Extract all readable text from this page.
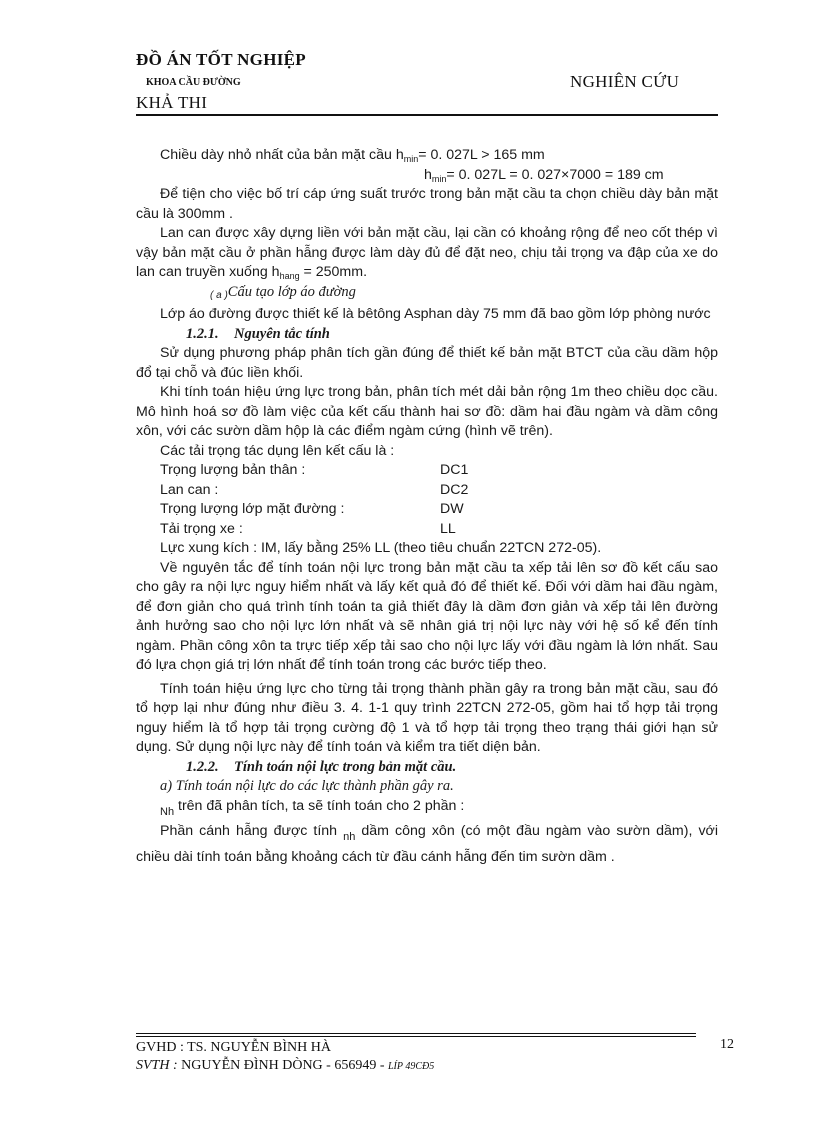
ĐỒ ÁN TỐT NGHIỆP
KHOA CẦU ĐƯỜNG	NGHIÊN CỨU
KHẢ THI

Chiều dày nhỏ nhất của bản mặt cầu $h_{min}= 0$. 027L > 165 mm

$h_{min}= 0$. 027L = 0. 027×7000 = 189 cm

Để tiện cho việc bố trí cáp ứng suất trước trong bản mặt cầu ta chọn chiều dày bản mặt cầu là 300mm .

Lan can được xây dựng liền với bản mặt cầu, lại cần có khoảng rộng để neo cốt thép vì vậy bản mặt cầu ở phần hẫng được làm dày đủ để đặt neo, chịu tải trọng va đập của xe do lan can truyền xuống $h_{hang} = 250mm$.

( a )Cấu tạo lớp áo đường

Lớp áo đường được thiết kế là bêtông Asphan dày 75 mm đã bao gồm lớp phòng nước

1.2.1. Nguyên tắc tính

Sử dụng phương pháp phân tích gần đúng để thiết kế bản mặt BTCT của cầu dầm hộp đổ tại chỗ và đúc liền khối.

Khi tính toán hiệu ứng lực trong bản, phân tích mét dải bản rộng 1m theo chiều dọc cầu. Mô hình hoá sơ đồ làm việc của kết cấu thành hai sơ đồ: dầm hai đầu ngàm và dầm công xôn, với các sườn dầm hộp là các điểm ngàm cứng (hình vẽ trên).

Các tải trọng tác dụng lên kết cấu là :

Trọng lượng bản thân :	DC1
Lan can :	DC2
Trọng lượng lớp mặt đường :	DW
Tải trọng xe :	LL

Lực xung kích : IM, lấy bằng 25% LL (theo tiêu chuẩn 22TCN 272-05).

Về nguyên tắc để tính toán nội lực trong bản mặt cầu ta xếp tải lên sơ đồ kết cấu sao cho gây ra nội lực nguy hiểm nhất và lấy kết quả đó để thiết kế. Đối với dầm hai đầu ngàm, để đơn giản cho quá trình tính toán ta giả thiết đây là dầm đơn giản và xếp tải lên đường ảnh hưởng sao cho nội lực lớn nhất và sẽ nhân giá trị nội lực này với hệ số kể đến tính ngàm. Phần công xôn ta trực tiếp xếp tải sao cho nội lực lấy với đầu ngàm là lớn nhất. Sau đó lựa chọn giá trị lớn nhất để tính toán trong các bước tiếp theo.

Tính toán hiệu ứng lực cho từng tải trọng thành phần gây ra trong bản mặt cầu, sau đó tổ hợp lại như đúng như điều 3. 4. 1-1 quy trình 22TCN 272-05, gồm hai tổ hợp tải trọng nguy hiểm là tổ hợp tải trọng cường độ 1 và tổ hợp tải trọng theo trạng thái giới hạn sử dụng. Sử dụng nội lực này để tính toán và kiểm tra tiết diện bản.

1.2.2. Tính toán nội lực trong bản mặt cầu.

a) Tính toán nội lực do các lực thành phần gây ra.

$_{Nh}$ trên đã phân tích, ta sẽ tính toán cho 2 phần :

Phần cánh hẫng được tính $_{nh}$ dầm công xôn (có một đầu ngàm vào sườn dầm), với chiều dài tính toán bằng khoảng cách từ đầu cánh hẫng đến tim sườn dầm .

GVHD : TS. NGUYỄN BÌNH HÀ	12
SVTH : NGUYỄN ĐÌNH DÒNG - 656949 - LÍP 49CĐ5
